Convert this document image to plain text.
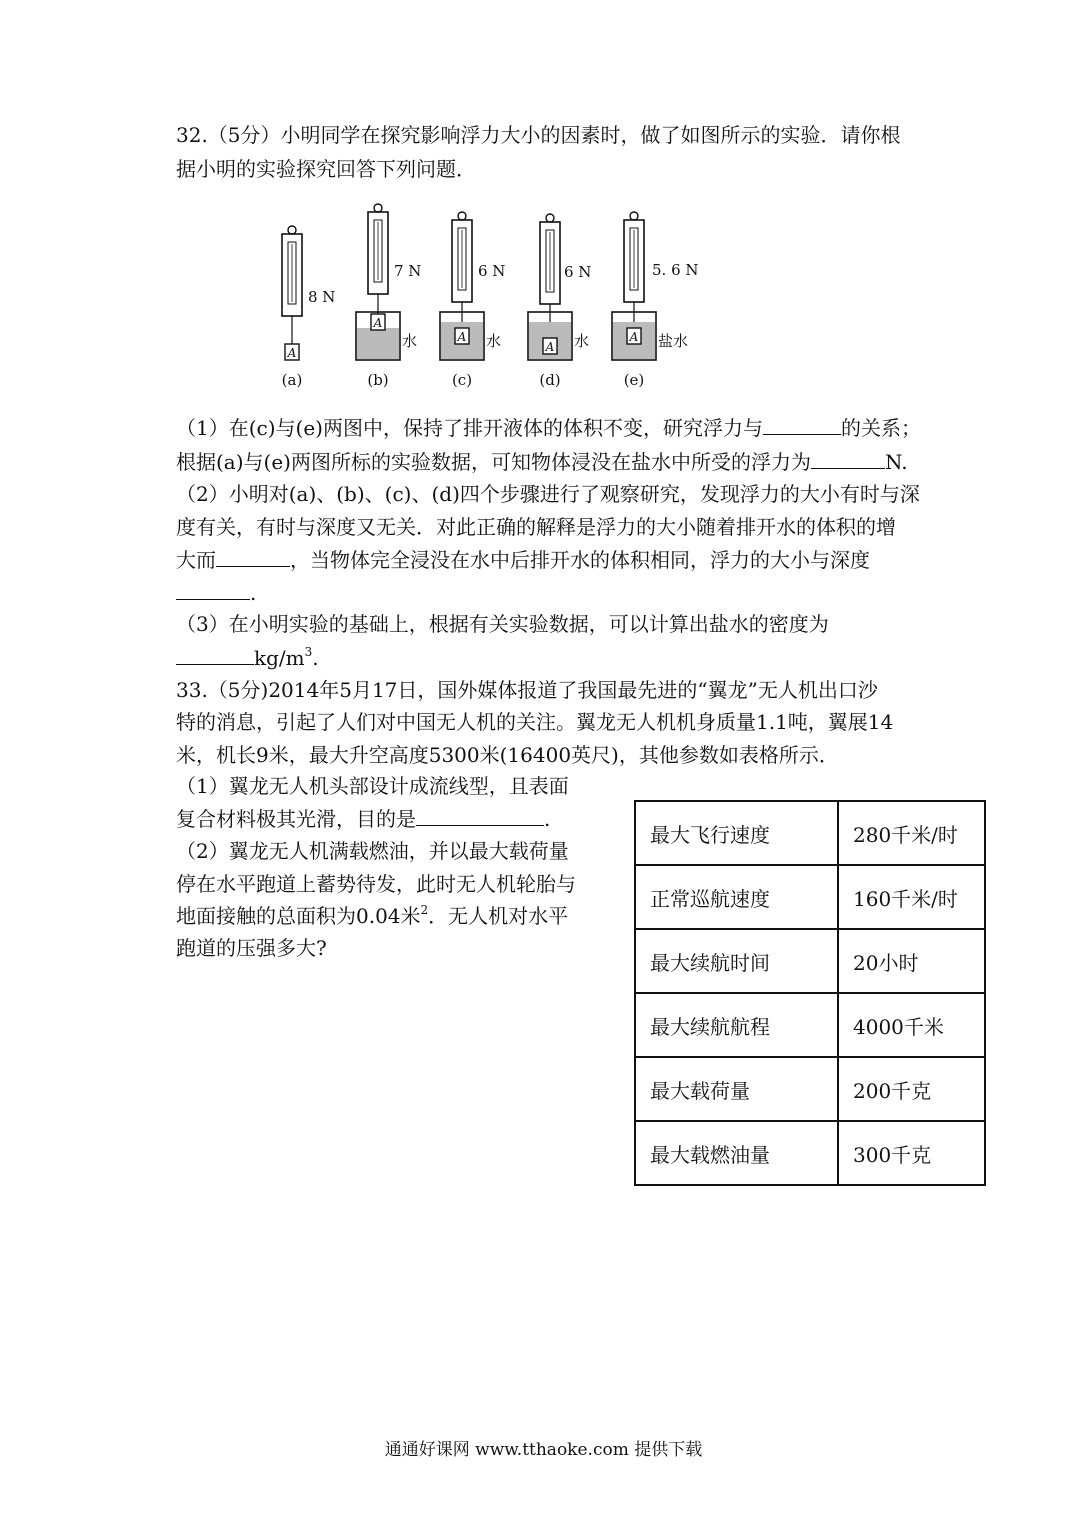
32.（5分）小明同学在探究影响浮力大小的因素时，做了如图所示的实验．请你根
据小明的实验探究回答下列问题．
A
8 N
(a)
A
7 N
水
(b)
A
6 N
水
(c)
A
6 N
水
(d)
A
5. 6 N
盐水
(e)
（1）在(c)与(e)两图中，保持了排开液体的体积不变，研究浮力与	的关系；
根据(a)与(e)两图所标的实验数据，可知物体浸没在盐水中所受的浮力为	N.
（2）小明对(a)、(b)、(c)、(d)四个步骤进行了观察研究，发现浮力的大小有时与深
度有关，有时与深度又无关．对此正确的解释是浮力的大小随着排开水的体积的增
大而	，当物体完全浸没在水中后排开水的体积相同，浮力的大小与深度
.
（3）在小明实验的基础上，根据有关实验数据，可以计算出盐水的密度为
$kg/m^3$.
33.（5分)2014年5月17日，国外媒体报道了我国最先进的“翼龙”无人机出口沙
特的消息，引起了人们对中国无人机的关注。翼龙无人机机身质量1.1吨，翼展14
米，机长9米，最大升空高度5300米(16400英尺)，其他参数如表格所示．
（1）翼龙无人机头部设计成流线型，且表面
复合材料极其光滑，目的是	.
（2）翼龙无人机满载燃油，并以最大载荷量
停在水平跑道上蓄势待发，此时无人机轮胎与
地面接触的总面积为0.04米$^2$．无人机对水平
跑道的压强多大?
最大飞行速度	280千米/时
正常巡航速度	160千米/时
最大续航时间	20小时
最大续航航程	4000千米
最大载荷量	200千克
最大载燃油量	300千克
通通好课网 www.tthaoke.com 提供下载
